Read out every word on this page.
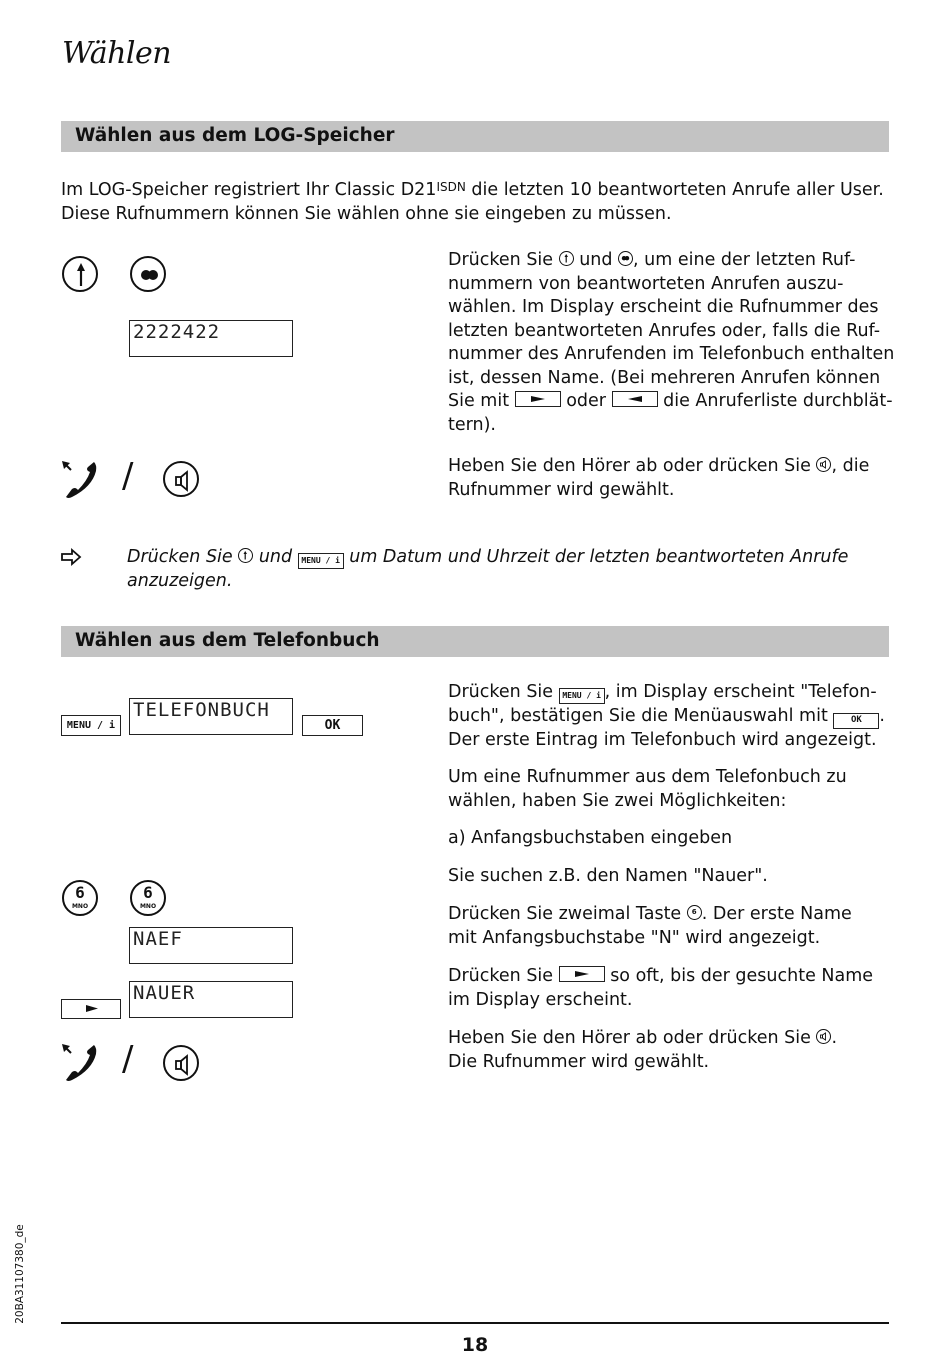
Wählen
Wählen aus dem LOG-Speicher
Im LOG-Speicher registriert Ihr Classic $D21^{ISDN}$ die letzten 10 beantworteten Anrufe aller User.
Diese Rufnummern können Sie wählen ohne sie eingeben zu müssen.
2222422
/
Drücken Sie
und
, um eine der letzten Ruf-
nummern von beantworteten Anrufen auszu-
wählen. Im Display erscheint die Rufnummer des
letzten beantworteten Anrufes oder, falls die Ruf-
nummer des Anrufenden im Telefonbuch enthalten
ist, dessen Name. (Bei mehreren Anrufen können
Sie mit	oder	die Anruferliste durchblät-
tern).
Heben Sie den Hörer ab oder drücken Sie
, die
Rufnummer wird gewählt.
Drücken Sie
und MENU / i um Datum und Uhrzeit der letzten beantworteten Anrufe
anzuzeigen.
Wählen aus dem Telefonbuch
MENU / i
TELEFONBUCH
OK
6
MNO
6
MNO
NAEF
NAUER
/
Drücken Sie MENU / i , im Display erscheint "Telefon-
buch", bestätigen Sie die Menüauswahl mit OK .
Der erste Eintrag im Telefonbuch wird angezeigt.
Um eine Rufnummer aus dem Telefonbuch zu
wählen, haben Sie zwei Möglichkeiten:
a) Anfangsbuchstaben eingeben
Sie suchen z.B. den Namen "Nauer".
Drücken Sie zweimal Taste 6 . Der erste Name
mit Anfangsbuchstabe "N" wird angezeigt.
Drücken Sie	so oft, bis der gesuchte Name
im Display erscheint.
Heben Sie den Hörer ab oder drücken Sie
.
Die Rufnummer wird gewählt.
20BA31107380_de
18
